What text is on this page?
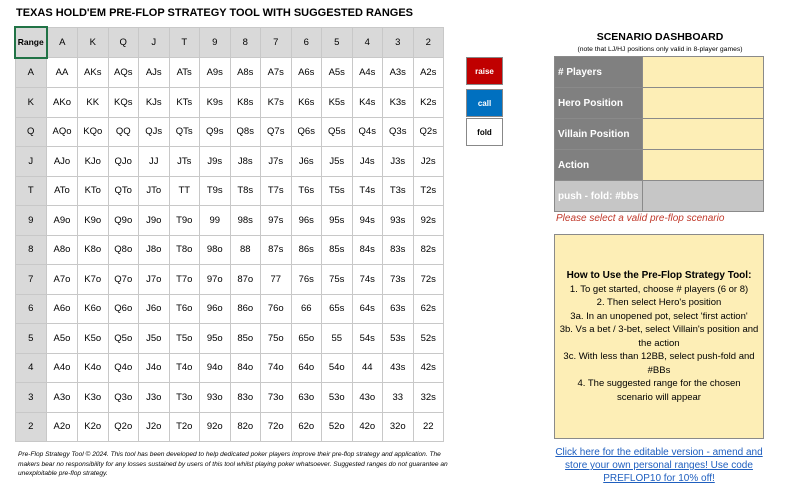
TEXAS HOLD'EM PRE-FLOP STRATEGY TOOL WITH SUGGESTED RANGES
Range	A	K	Q	J	T	9	8	7	6	5	4	3	2
A	AA	AKs	AQs	AJs	ATs	A9s	A8s	A7s	A6s	A5s	A4s	A3s	A2s
K	AKo	KK	KQs	KJs	KTs	K9s	K8s	K7s	K6s	K5s	K4s	K3s	K2s
Q	AQo	KQo	QQ	QJs	QTs	Q9s	Q8s	Q7s	Q6s	Q5s	Q4s	Q3s	Q2s
J	AJo	KJo	QJo	JJ	JTs	J9s	J8s	J7s	J6s	J5s	J4s	J3s	J2s
T	ATo	KTo	QTo	JTo	TT	T9s	T8s	T7s	T6s	T5s	T4s	T3s	T2s
9	A9o	K9o	Q9o	J9o	T9o	99	98s	97s	96s	95s	94s	93s	92s
8	A8o	K8o	Q8o	J8o	T8o	98o	88	87s	86s	85s	84s	83s	82s
7	A7o	K7o	Q7o	J7o	T7o	97o	87o	77	76s	75s	74s	73s	72s
6	A6o	K6o	Q6o	J6o	T6o	96o	86o	76o	66	65s	64s	63s	62s
5	A5o	K5o	Q5o	J5o	T5o	95o	85o	75o	65o	55	54s	53s	52s
4	A4o	K4o	Q4o	J4o	T4o	94o	84o	74o	64o	54o	44	43s	42s
3	A3o	K3o	Q3o	J3o	T3o	93o	83o	73o	63o	53o	43o	33	32s
2	A2o	K2o	Q2o	J2o	T2o	92o	82o	72o	62o	52o	42o	32o	22
raise
call
fold
SCENARIO DASHBOARD
(note that LJ/HJ positions only valid in 8-player games)
# Players	
Hero Position	
Villain Position	
Action	
push - fold: #bbs	
Please select a valid pre-flop scenario
How to Use the Pre-Flop Strategy Tool:
1. To get started, choose # players (6 or 8)
2. Then select Hero's position
3a. In an unopened pot, select 'first action'
3b. Vs a bet / 3-bet, select Villain's position and the action
3c. With less than 12BB, select push-fold and #BBs
4. The suggested range for the chosen scenario will appear
Pre-Flop Strategy Tool © 2024. This tool has been developed to help dedicated poker players improve their pre-flop strategy and application. The makers bear no responsibility for any losses sustained by users of this tool whilst playing poker whatsoever. Suggested ranges do not guarantee an unexploitable pre-flop strategy.
Click here for the editable version - amend and store your own personal ranges! Use code PREFLOP10 for 10% off!
